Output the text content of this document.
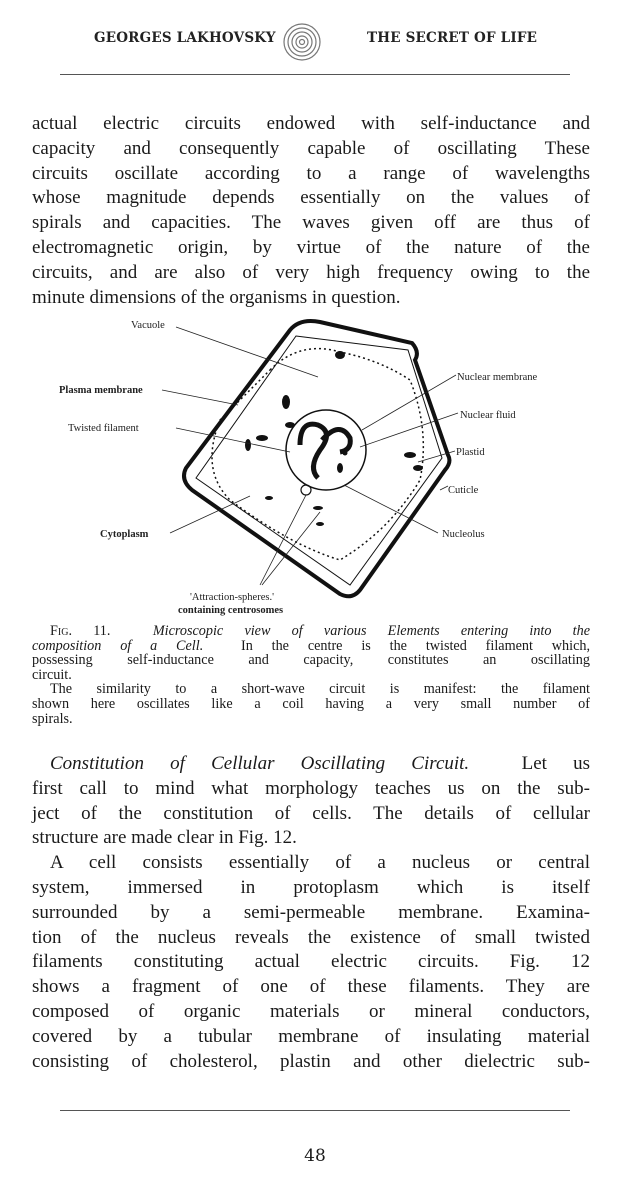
GEORGES LAKHOVSKY	THE SECRET OF LIFE
actual electric circuits endowed with self-inductance and
capacity and consequently capable of oscillating These
circuits oscillate according to a range of wavelengths
whose magnitude depends essentially on the values of
spirals and capacities. The waves given off are thus of
electromagnetic origin, by virtue of the nature of the
circuits, and are also of very high frequency owing to the
minute dimensions of the organisms in question.
Vacuole
Plasma membrane
Twisted filament
Cytoplasm
Nuclear membrane
Nuclear fluid
Plastid
Cuticle
Nucleolus
'Attraction-spheres.'
containing centrosomes
Fig. 11.	Microscopic view of various Elements entering into the
composition of a Cell.	In the centre is the twisted filament which,
possessing self-inductance and capacity, constitutes an oscillating
circuit.
The similarity to a short-wave circuit is manifest: the filament
shown here oscillates like a coil having a very small number of
spirals.
Constitution of Cellular Oscillating Circuit.	Let us
first call to mind what morphology teaches us on the sub-
ject of the constitution of cells. The details of cellular
structure are made clear in Fig. 12.
A cell consists essentially of a nucleus or central
system, immersed in protoplasm which is itself
surrounded by a semi-permeable membrane. Examina-
tion of the nucleus reveals the existence of small twisted
filaments constituting actual electric circuits. Fig. 12
shows a fragment of one of these filaments. They are
composed of organic materials or mineral conductors,
covered by a tubular membrane of insulating material
consisting of cholesterol, plastin and other dielectric sub-
48
